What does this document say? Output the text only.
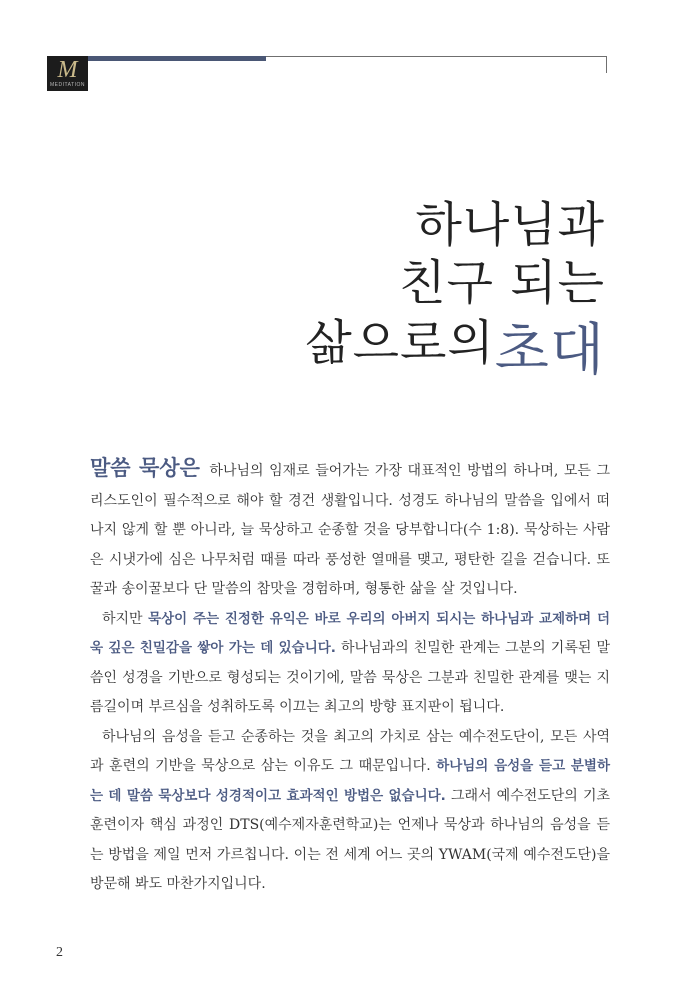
M
MEDITATION
하나님과
친구 되는
삶으로의초대

말씀 묵상은 하나님의 임재로 들어가는 가장 대표적인 방법의 하나며, 모든 그리스도인이 필수적으로 해야 할 경건 생활입니다. 성경도 하나님의 말씀을 입에서 떠나지 않게 할 뿐 아니라, 늘 묵상하고 순종할 것을 당부합니다(수 1:8). 묵상하는 사람은 시냇가에 심은 나무처럼 때를 따라 풍성한 열매를 맺고, 평탄한 길을 걷습니다. 또 꿀과 송이꿀보다 단 말씀의 참맛을 경험하며, 형통한 삶을 살 것입니다.

하지만 묵상이 주는 진정한 유익은 바로 우리의 아버지 되시는 하나님과 교제하며 더욱 깊은 친밀감을 쌓아 가는 데 있습니다. 하나님과의 친밀한 관계는 그분의 기록된 말씀인 성경을 기반으로 형성되는 것이기에, 말씀 묵상은 그분과 친밀한 관계를 맺는 지름길이며 부르심을 성취하도록 이끄는 최고의 방향 표지판이 됩니다.

하나님의 음성을 듣고 순종하는 것을 최고의 가치로 삼는 예수전도단이, 모든 사역과 훈련의 기반을 묵상으로 삼는 이유도 그 때문입니다. 하나님의 음성을 듣고 분별하는 데 말씀 묵상보다 성경적이고 효과적인 방법은 없습니다. 그래서 예수전도단의 기초 훈련이자 핵심 과정인 DTS(예수제자훈련학교)는 언제나 묵상과 하나님의 음성을 듣는 방법을 제일 먼저 가르칩니다. 이는 전 세계 어느 곳의 YWAM(국제 예수전도단)을 방문해 봐도 마찬가지입니다.

2
